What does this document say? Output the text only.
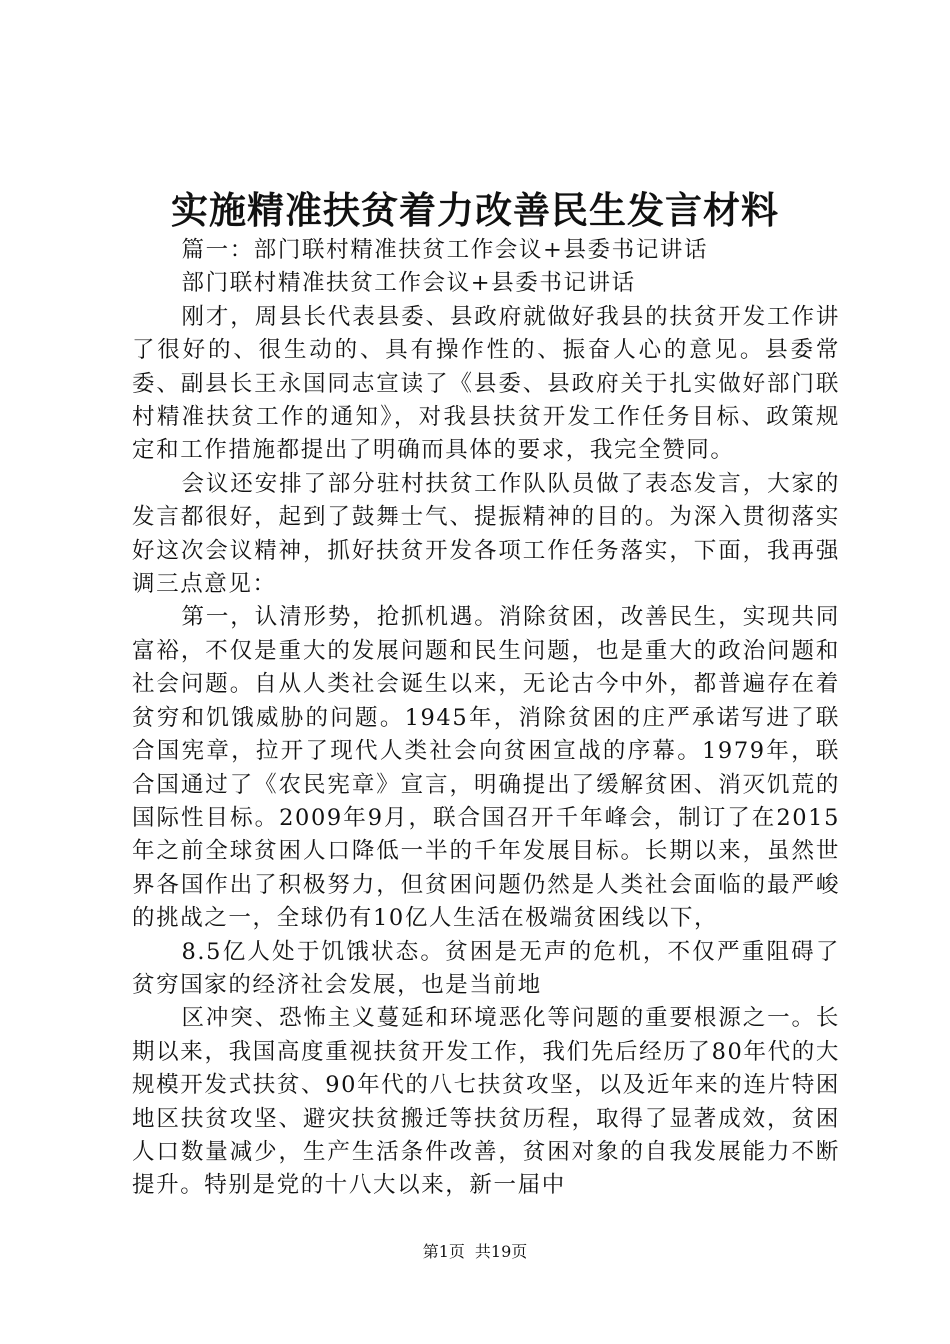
实施精准扶贫着力改善民生发言材料

篇一：部门联村精准扶贫工作会议+县委书记讲话

部门联村精准扶贫工作会议+县委书记讲话

刚才，周县长代表县委、县政府就做好我县的扶贫开发工作讲了很好的、很生动的、具有操作性的、振奋人心的意见。县委常委、副县长王永国同志宣读了《县委、县政府关于扎实做好部门联村精准扶贫工作的通知》，对我县扶贫开发工作任务目标、政策规定和工作措施都提出了明确而具体的要求，我完全赞同。

会议还安排了部分驻村扶贫工作队队员做了表态发言，大家的发言都很好，起到了鼓舞士气、提振精神的目的。为深入贯彻落实好这次会议精神，抓好扶贫开发各项工作任务落实，下面，我再强调三点意见：

第一，认清形势，抢抓机遇。消除贫困，改善民生，实现共同富裕，不仅是重大的发展问题和民生问题，也是重大的政治问题和社会问题。自从人类社会诞生以来，无论古今中外，都普遍存在着贫穷和饥饿威胁的问题。1945年，消除贫困的庄严承诺写进了联合国宪章，拉开了现代人类社会向贫困宣战的序幕。1979年，联合国通过了《农民宪章》宣言，明确提出了缓解贫困、消灭饥荒的国际性目标。2009年9月，联合国召开千年峰会，制订了在2015年之前全球贫困人口降低一半的千年发展目标。长期以来，虽然世界各国作出了积极努力，但贫困问题仍然是人类社会面临的最严峻的挑战之一，全球仍有10亿人生活在极端贫困线以下，

8.5亿人处于饥饿状态。贫困是无声的危机，不仅严重阻碍了贫穷国家的经济社会发展，也是当前地

区冲突、恐怖主义蔓延和环境恶化等问题的重要根源之一。长期以来，我国高度重视扶贫开发工作，我们先后经历了80年代的大规模开发式扶贫、90年代的八七扶贫攻坚，以及近年来的连片特困地区扶贫攻坚、避灾扶贫搬迁等扶贫历程，取得了显著成效，贫困人口数量减少，生产生活条件改善，贫困对象的自我发展能力不断提升。特别是党的十八大以来，新一届中

第1页 共19页
